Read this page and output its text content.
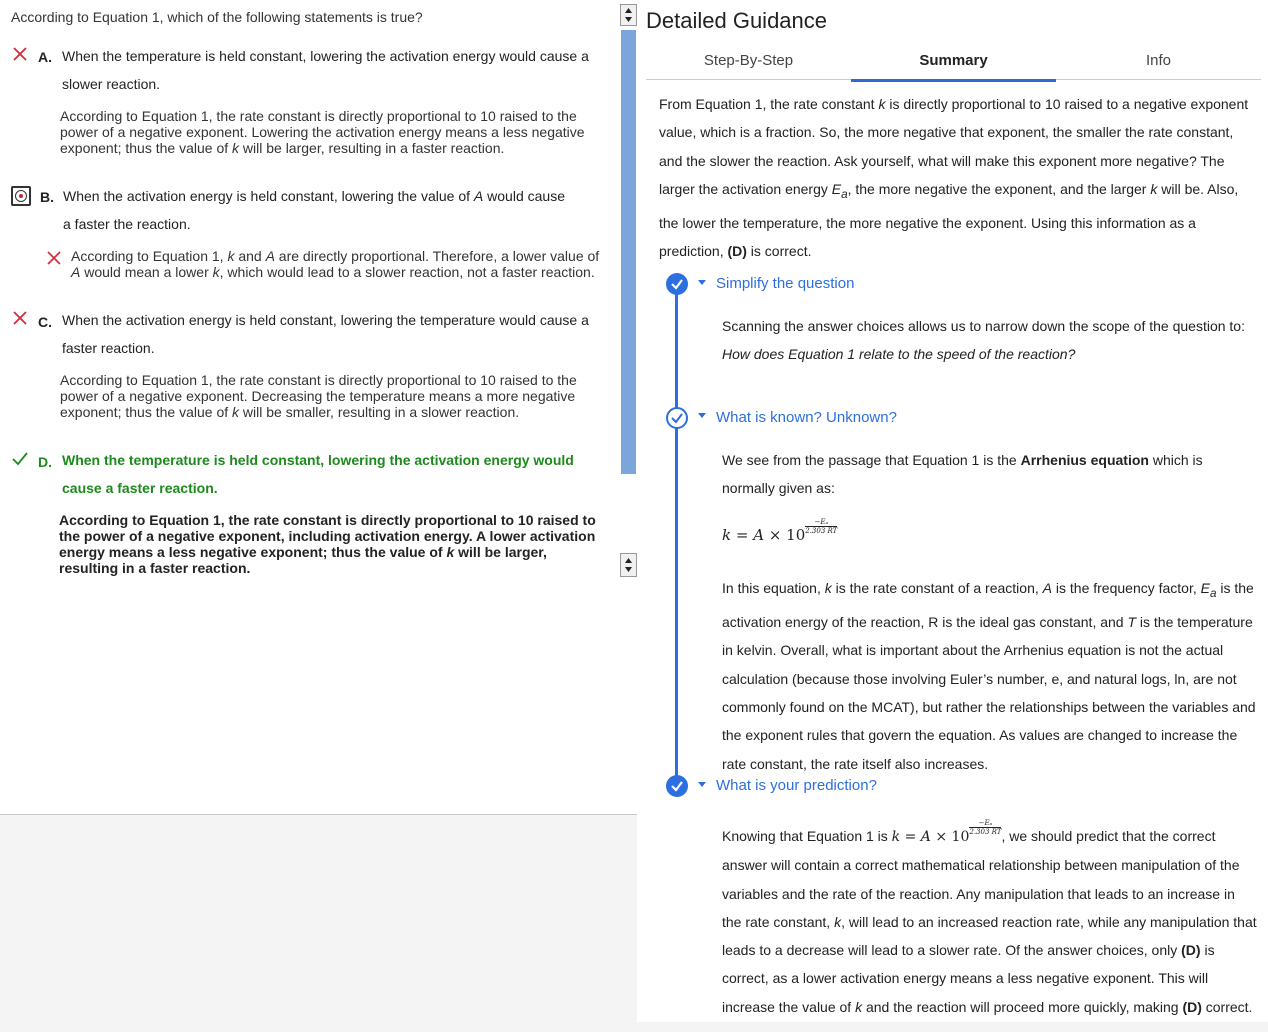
According to Equation 1, which of the following statements is true?
A. When the temperature is held constant, lowering the activation energy would cause a
slower reaction.
According to Equation 1, the rate constant is directly proportional to 10 raised to the
power of a negative exponent. Lowering the activation energy means a less negative
exponent; thus the value of k will be larger, resulting in a faster reaction.
B. When the activation energy is held constant, lowering the value of A would cause
a faster the reaction.
According to Equation 1, k and A are directly proportional. Therefore, a lower value of
A would mean a lower k, which would lead to a slower reaction, not a faster reaction.
C. When the activation energy is held constant, lowering the temperature would cause a
faster reaction.
According to Equation 1, the rate constant is directly proportional to 10 raised to the
power of a negative exponent. Decreasing the temperature means a more negative
exponent; thus the value of k will be smaller, resulting in a slower reaction.
D. When the temperature is held constant, lowering the activation energy would
cause a faster reaction.
According to Equation 1, the rate constant is directly proportional to 10 raised to
the power of a negative exponent, including activation energy. A lower activation
energy means a less negative exponent; thus the value of k will be larger,
resulting in a faster reaction.
Detailed Guidance
Step-By-Step	Summary	Info
From Equation 1, the rate constant k is directly proportional to 10 raised to a negative exponent value, which is a fraction. So, the more negative that exponent, the smaller the rate constant, and the slower the reaction. Ask yourself, what will make this exponent more negative? The larger the activation energy $E_a$, the more negative the exponent, and the larger k will be. Also, the lower the temperature, the more negative the exponent. Using this information as a prediction, (D) is correct.
Simplify the question
Scanning the answer choices allows us to narrow down the scope of the question to:
How does Equation 1 relate to the speed of the reaction?
What is known? Unknown?
We see from the passage that Equation 1 is the Arrhenius equation which is normally given as:
$k = A \times 10 \frac{\text{−Eₐ}}{2.303 RT}$
In this equation, k is the rate constant of a reaction, A is the frequency factor, $E_a$ is the activation energy of the reaction, R is the ideal gas constant, and T is the temperature in kelvin. Overall, what is important about the Arrhenius equation is not the actual calculation (because those involving Euler’s number, e, and natural logs, ln, are not commonly found on the MCAT), but rather the relationships between the variables and the exponent rules that govern the equation. As values are changed to increase the rate constant, the rate itself also increases.
What is your prediction?
Knowing that Equation 1 is k = A × 10
$\frac{\text{−Eₐ}}{2.303 RT}$ , we should predict that the correct answer will contain a correct mathematical relationship between manipulation of the variables and the rate of the reaction. Any manipulation that leads to an increase in the rate constant, k, will lead to an increased reaction rate, while any manipulation that leads to a decrease will lead to a slower rate. Of the answer choices, only (D) is correct, as a lower activation energy means a less negative exponent. This will increase the value of k and the reaction will proceed more quickly, making (D) correct.
